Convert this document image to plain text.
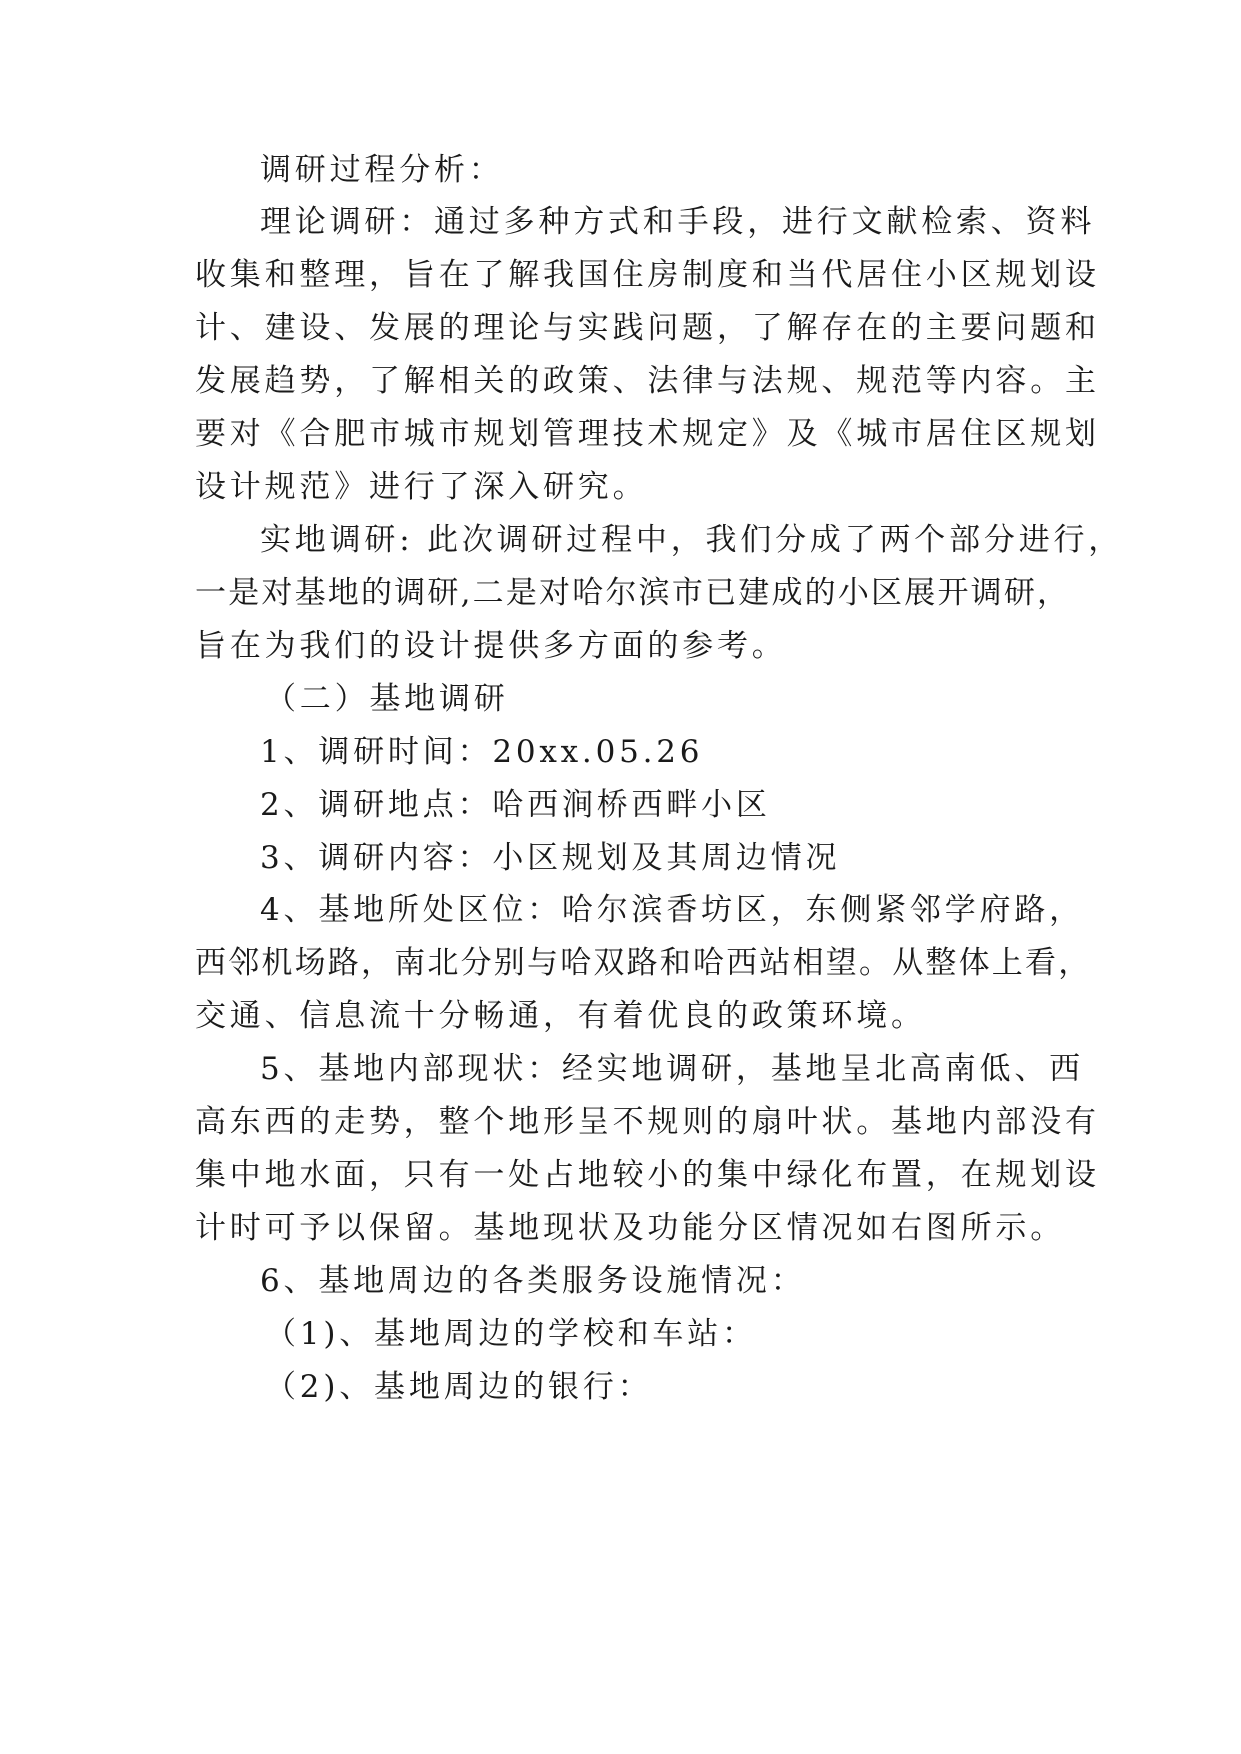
调研过程分析：
理论调研：通过多种方式和手段，进行文献检索、资料
收集和整理，旨在了解我国住房制度和当代居住小区规划设
计、建设、发展的理论与实践问题，了解存在的主要问题和
发展趋势，了解相关的政策、法律与法规、规范等内容。主
要对《合肥市城市规划管理技术规定》及《城市居住区规划
设计规范》进行了深入研究。
实地调研: 此次调研过程中，我们分成了两个部分进行，
一是对基地的调研,二是对哈尔滨市已建成的小区展开调研，
旨在为我们的设计提供多方面的参考。
（二）基地调研
1、调研时间：20xx.05.26
2、调研地点：哈西涧桥西畔小区
3、调研内容：小区规划及其周边情况
4、基地所处区位：哈尔滨香坊区，东侧紧邻学府路，
西邻机场路，南北分别与哈双路和哈西站相望。从整体上看，
交通、信息流十分畅通，有着优良的政策环境。
5、基地内部现状：经实地调研，基地呈北高南低、西
高东西的走势，整个地形呈不规则的扇叶状。基地内部没有
集中地水面，只有一处占地较小的集中绿化布置，在规划设
计时可予以保留。基地现状及功能分区情况如右图所示。
6、基地周边的各类服务设施情况：
（1)、基地周边的学校和车站：
（2)、基地周边的银行：
